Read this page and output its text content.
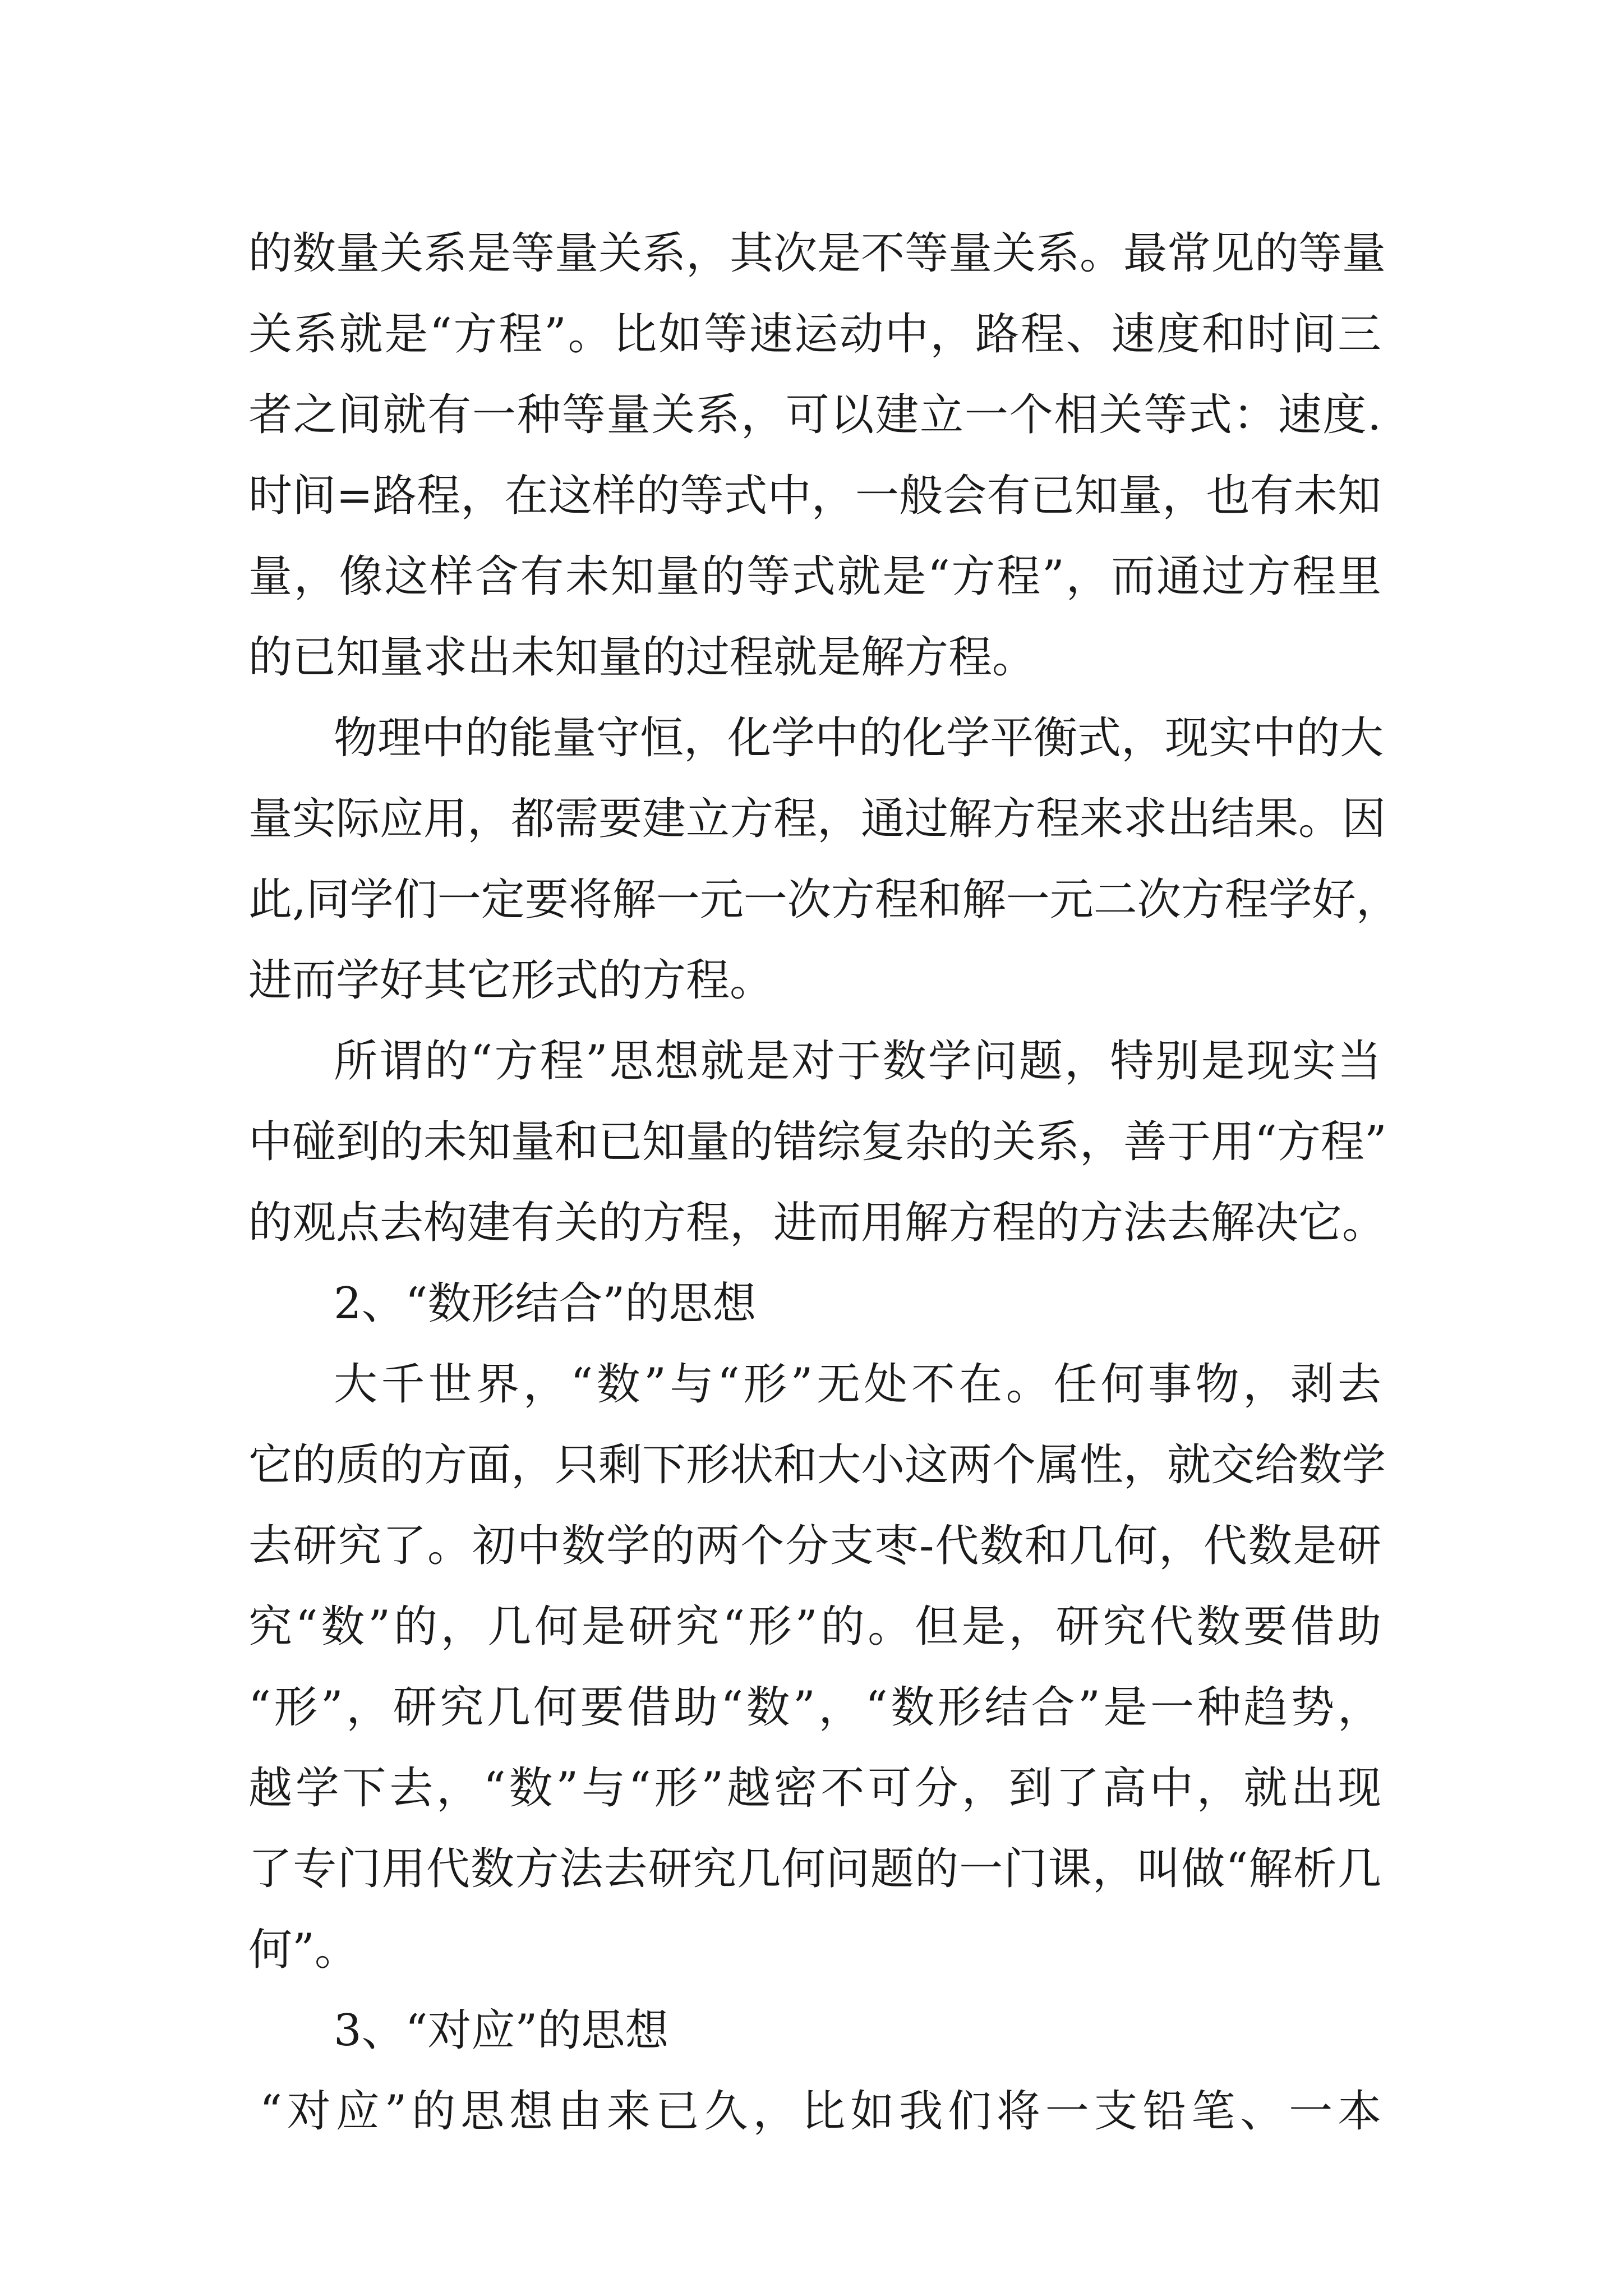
的数量关系是等量关系，其次是不等量关系。最常见的等量
关系就是“方程”。比如等速运动中，路程、速度和时间三
者之间就有一种等量关系，可以建立一个相关等式：速度.
时间=路程，在这样的等式中，一般会有已知量，也有未知
量，像这样含有未知量的等式就是“方程”，而通过方程里
的已知量求出未知量的过程就是解方程。
物理中的能量守恒，化学中的化学平衡式，现实中的大
量实际应用，都需要建立方程，通过解方程来求出结果。因
此,同学们一定要将解一元一次方程和解一元二次方程学好，
进而学好其它形式的方程。
所谓的“方程”思想就是对于数学问题，特别是现实当
中碰到的未知量和已知量的错综复杂的关系，善于用“方程”
的观点去构建有关的方程，进而用解方程的方法去解决它。
2、“数形结合”的思想
大千世界，“数”与“形”无处不在。任何事物，剥去
它的质的方面，只剩下形状和大小这两个属性，就交给数学
去研究了。初中数学的两个分支枣-代数和几何，代数是研
究“数”的，几何是研究“形”的。但是，研究代数要借助
“形”，研究几何要借助“数”，“数形结合”是一种趋势，
越学下去，“数”与“形”越密不可分，到了高中，就出现
了专门用代数方法去研究几何问题的一门课，叫做“解析几
何”。
3、“对应”的思想
“对应”的思想由来已久，比如我们将一支铅笔、一本
